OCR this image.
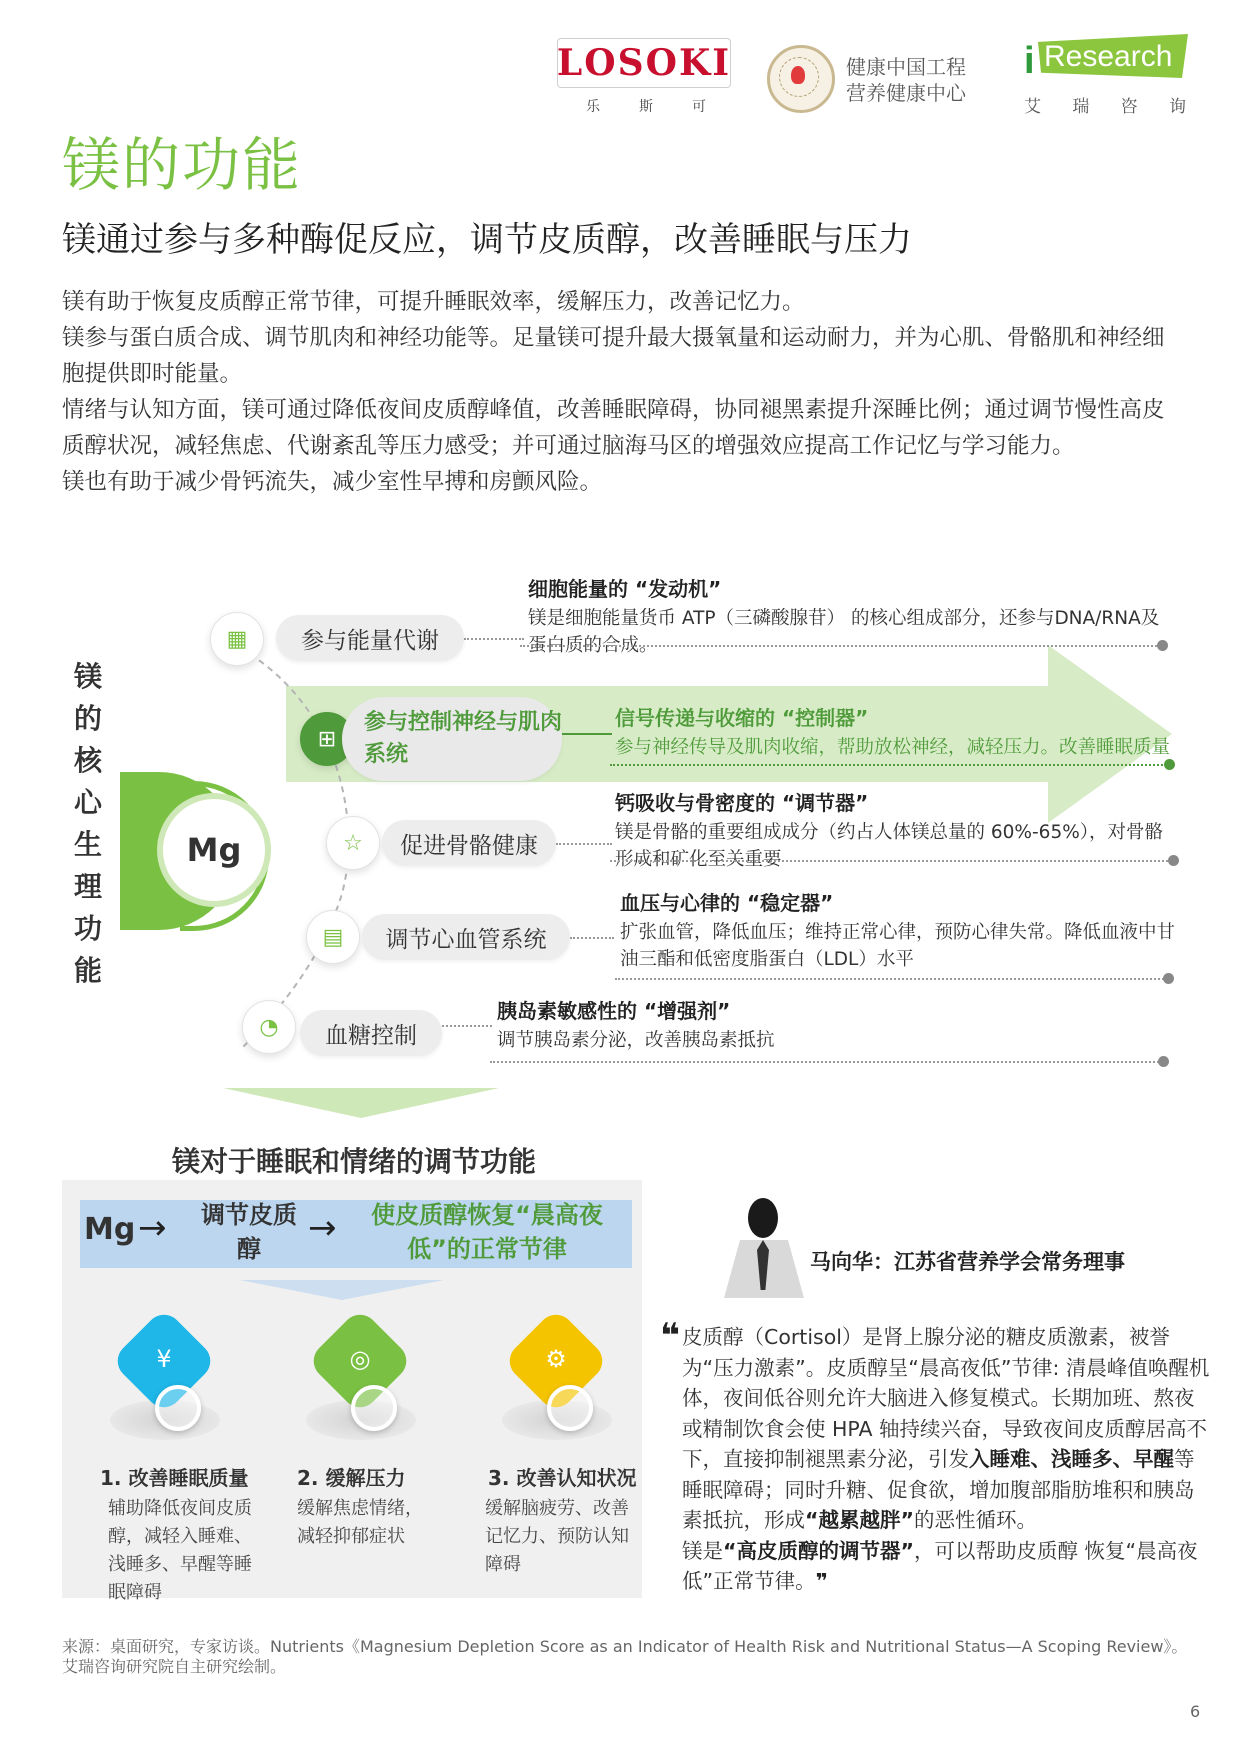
LOSOKI
乐	斯	可
健康中国工程
营养健康中心
i Research
艾 瑞 咨 询
镁的功能
镁通过参与多种酶促反应，调节皮质醇，改善睡眠与压力

镁有助于恢复皮质醇正常节律，可提升睡眠效率，缓解压力，改善记忆力。

镁参与蛋白质合成、调节肌肉和神经功能等。足量镁可提升最大摄氧量和运动耐力，并为心肌、骨骼肌和神经细胞提供即时能量。

情绪与认知方面，镁可通过降低夜间皮质醇峰值，改善睡眠障碍，协同褪黑素提升深睡比例；通过调节慢性高皮质醇状况，减轻焦虑、代谢紊乱等压力感受；并可通过脑海马区的增强效应提高工作记忆与学习能力。

镁也有助于减少骨钙流失，减少室性早搏和房颤风险。

镁
的
核
心
生
理
功
能
Mg
▦	参与能量代谢
细胞能量的 “发动机”
镁是细胞能量货币 ATP（三磷酸腺苷） 的核心组成部分，还参与DNA/RNA及蛋白质的合成。
⊞
参与控制神经与肌肉系统
信号传递与收缩的 “控制器”
参与神经传导及肌肉收缩，帮助放松神经，减轻压力。改善睡眠质量
☆	促进骨骼健康
钙吸收与骨密度的 “调节器”
镁是骨骼的重要组成成分（约占人体镁总量的 60%-65%），对骨骼形成和矿化至关重要
▤	调节心血管系统
血压与心律的 “稳定器”
扩张血管，降低血压；维持正常心律，预防心律失常。降低血液中甘油三酯和低密度脂蛋白（LDL）水平
◔	血糖控制
胰岛素敏感性的 “增强剂”
调节胰岛素分泌，改善胰岛素抵抗
镁对于睡眠和情绪的调节功能
Mg → 调节皮质醇
→	使皮质醇恢复“晨高夜低”的正常节律
¥
1. 改善睡眠质量
辅助降低夜间皮质醇，减轻入睡难、浅睡多、早醒等睡眠障碍
◎
2. 缓解压力
缓解焦虑情绪，减轻抑郁症状
⚙
3. 改善认知状况
缓解脑疲劳、改善记忆力、预防认知障碍
马向华：江苏省营养学会常务理事
❝ 皮质醇（Cortisol）是肾上腺分泌的糖皮质激素，被誉为“压力激素”。皮质醇呈“晨高夜低”节律: 清晨峰值唤醒机体，夜间低谷则允许大脑进入修复模式。长期加班、熬夜或精制饮食会使 HPA 轴持续兴奋，导致夜间皮质醇居高不下，直接抑制褪黑素分泌，引发入睡难、浅睡多、早醒等睡眠障碍；同时升糖、促食欲，增加腹部脂肪堆积和胰岛素抵抗，形成“越累越胖”的恶性循环。

镁是“高皮质醇的调节器”，可以帮助皮质醇 恢复“晨高夜低”正常节律。❞

来源：桌面研究，专家访谈。Nutrients《Magnesium Depletion Score as an Indicator of Health Risk and Nutritional Status—A Scoping Review》。艾瑞咨询研究院自主研究绘制。
6
